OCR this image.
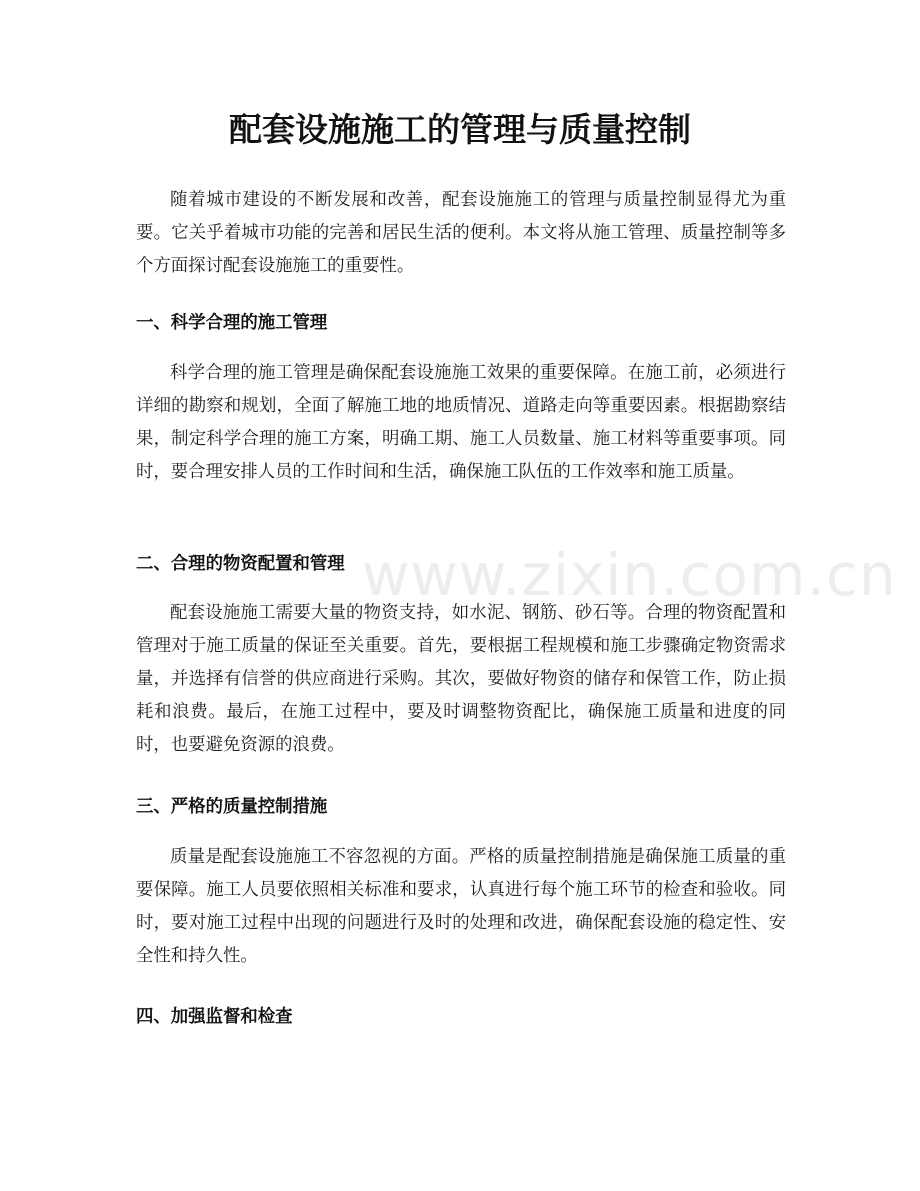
配套设施施工的管理与质量控制

随着城市建设的不断发展和改善，配套设施施工的管理与质量控制显得尤为重要。它关乎着城市功能的完善和居民生活的便利。本文将从施工管理、质量控制等多个方面探讨配套设施施工的重要性。

一、科学合理的施工管理

科学合理的施工管理是确保配套设施施工效果的重要保障。在施工前，必须进行详细的勘察和规划，全面了解施工地的地质情况、道路走向等重要因素。根据勘察结果，制定科学合理的施工方案，明确工期、施工人员数量、施工材料等重要事项。同时，要合理安排人员的工作时间和生活，确保施工队伍的工作效率和施工质量。

二、合理的物资配置和管理

配套设施施工需要大量的物资支持，如水泥、钢筋、砂石等。合理的物资配置和管理对于施工质量的保证至关重要。首先，要根据工程规模和施工步骤确定物资需求量，并选择有信誉的供应商进行采购。其次，要做好物资的储存和保管工作，防止损耗和浪费。最后，在施工过程中，要及时调整物资配比，确保施工质量和进度的同时，也要避免资源的浪费。

三、严格的质量控制措施

质量是配套设施施工不容忽视的方面。严格的质量控制措施是确保施工质量的重要保障。施工人员要依照相关标准和要求，认真进行每个施工环节的检查和验收。同时，要对施工过程中出现的问题进行及时的处理和改进，确保配套设施的稳定性、安全性和持久性。

四、加强监督和检查
www.zixin.com.cn
